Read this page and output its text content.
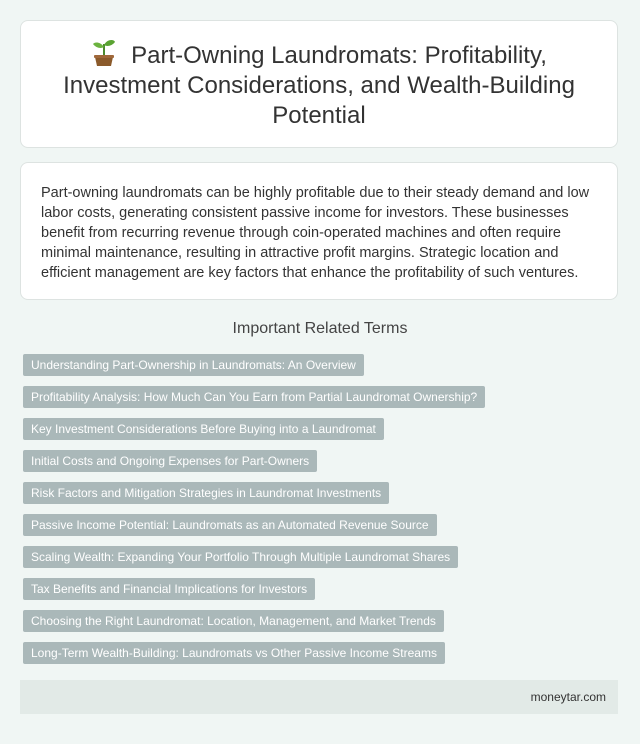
Part-Owning Laundromats: Profitability, Investment Considerations, and Wealth-Building Potential

Part-owning laundromats can be highly profitable due to their steady demand and low labor costs, generating consistent passive income for investors. These businesses benefit from recurring revenue through coin-operated machines and often require minimal maintenance, resulting in attractive profit margins. Strategic location and efficient management are key factors that enhance the profitability of such ventures.

Important Related Terms
Understanding Part-Ownership in Laundromats: An Overview
Profitability Analysis: How Much Can You Earn from Partial Laundromat Ownership?
Key Investment Considerations Before Buying into a Laundromat
Initial Costs and Ongoing Expenses for Part-Owners
Risk Factors and Mitigation Strategies in Laundromat Investments
Passive Income Potential: Laundromats as an Automated Revenue Source
Scaling Wealth: Expanding Your Portfolio Through Multiple Laundromat Shares
Tax Benefits and Financial Implications for Investors
Choosing the Right Laundromat: Location, Management, and Market Trends
Long-Term Wealth-Building: Laundromats vs Other Passive Income Streams
moneytar.com
